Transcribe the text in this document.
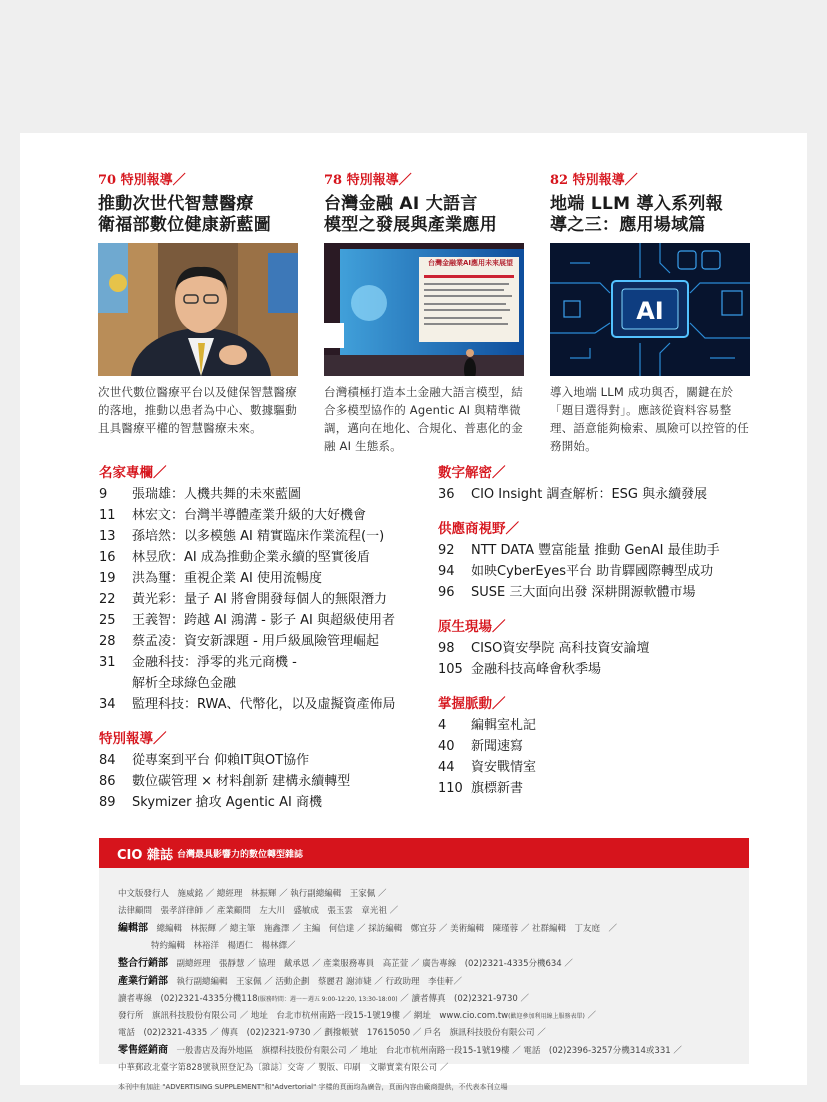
70 特別報導／
推動次世代智慧醫療
衛福部數位健康新藍圖
次世代數位醫療平台以及健保智慧醫療的落地，推動以患者為中心、數據驅動且具醫療平權的智慧醫療未來。
78 特別報導／
台灣金融 AI 大語言
模型之發展與產業應用
台灣金融業AI應用未來展望
台灣積極打造本土金融大語言模型，結合多模型協作的 Agentic AI 與精準微調，邁向在地化、合規化、普惠化的金融 AI 生態系。
82 特別報導／
地端 LLM 導入系列報
導之三：應用場域篇
AI
導入地端 LLM 成功與否，關鍵在於「題目選得對」。應該從資料容易整理、語意能夠檢索、風險可以控管的任務開始。
名家專欄／
9	張瑞雄：人機共舞的未來藍圖
11	林宏文：台灣半導體產業升級的大好機會
13	孫培然：以多模態 AI 精實臨床作業流程(一)
16	林昱欣：AI 成為推動企業永續的堅實後盾
19	洪為璽：重視企業 AI 使用流暢度
22	黃光彩：量子 AI 將會開發每個人的無限潛力
25	王義智：跨越 AI 鴻溝 - 影子 AI 與超級使用者
28	蔡孟凌：資安新課題 - 用戶級風險管理崛起
31	金融科技：淨零的兆元商機 -
解析全球綠色金融
34	監理科技：RWA、代幣化，以及虛擬資產佈局
特別報導／
84	從專案到平台 仰賴IT與OT協作
86	數位碳管理 × 材料創新 建構永續轉型
89	Skymizer 搶攻 Agentic AI 商機
數字解密／
36	CIO Insight 調查解析：ESG 與永續發展
供應商視野／
92	NTT DATA 豐富能量 推動 GenAI 最佳助手
94	如映CyberEyes平台 助肯驛國際轉型成功
96	SUSE 三大面向出發 深耕開源軟體市場
原生現場／
98	CISO資安學院 高科技資安論壇
105 金融科技高峰會秋季場
掌握脈動／
4	編輯室札記
40	新聞速寫
44	資安戰情室
110 旗標新書
CIO 雜誌 台灣最具影響力的數位轉型雜誌
中文版發行人　施威銘 ／ 總經理　林振輝 ／ 執行副總編輯　王家佩 ／
法律顧問　張孝詳律師 ／ 產業顧問　左大川　盛敏成　張玉雲　章光祖 ／
編輯部　總編輯　林振輝 ／ 總主筆　施鑫澤 ／ 主編　何信達 ／ 採訪編輯　鄭宜芬 ／ 美術編輯　陳瑾蓉 ／ 社群編輯　丁友庭　／
特約編輯　林裕洋　楊迺仁　楊林繹／
整合行銷部　副總經理　張靜慧 ／ 協理　戴承恩 ／ 產業服務專員　高芷萱 ／ 廣告專線　(02)2321-4335分機634 ／
產業行銷部　執行副總編輯　王家佩 ／ 活動企劃　蔡麗君 謝沛婕 ／ 行政助理　李佳軒／
讀者專線　(02)2321-4335分機118(服務時間：週一～週五 9:00-12:20, 13:30-18:00) ／ 讀者傳真　(02)2321-9730 ／
發行所　旗訊科技股份有限公司 ／ 地址　台北市杭州南路一段15-1號19樓 ／ 網址　www.cio.com.tw(歡迎參加利用線上服務表單) ／
電話　(02)2321-4335 ／ 傳真　(02)2321-9730 ／ 劃撥帳號　17615050 ／ 戶名　旗訊科技股份有限公司 ／
零售經銷商　一般書店及海外地區　旗標科技股份有限公司 ／ 地址　台北市杭州南路一段15-1號19樓 ／ 電話　(02)2396-3257分機314或331 ／
中華郵政北臺字第828號執照登記為〔雜誌〕交寄 ／ 製版、印刷　文聯實業有限公司 ／
本刊中有加註 "ADVERTISING SUPPLEMENT"和"Advertorial" 字樣的頁面均為廣告，頁面內容由廠商提供，不代表本刊立場
